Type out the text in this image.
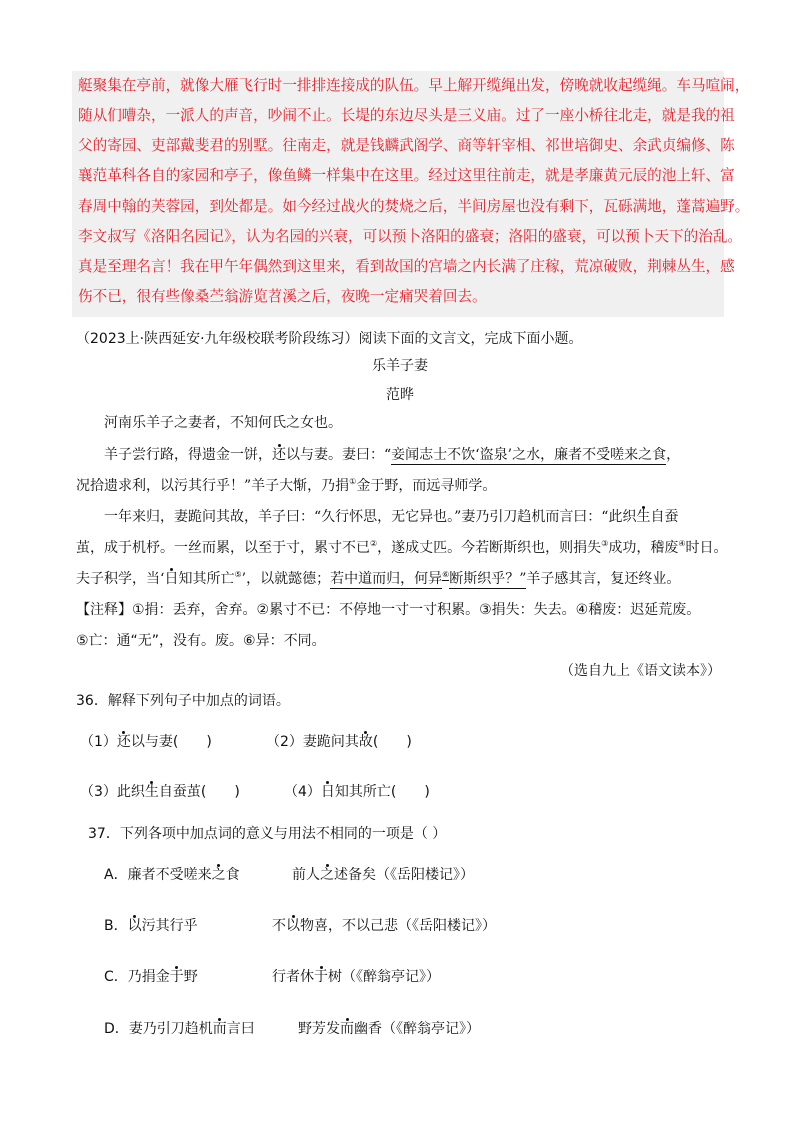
艇聚集在亭前，就像大雁飞行时一排排连接成的队伍。早上解开缆绳出发，傍晚就收起缆绳。车马喧闹，

随从们嘈杂，一派人的声音，吵闹不止。长堤的东边尽头是三义庙。过了一座小桥往北走，就是我的祖

父的寄园、吏部戴斐君的别墅。往南走，就是钱麟武阁学、商等轩宰相、祁世培御史、余武贞编修、陈

襄范革科各自的家园和亭子，像鱼鳞一样集中在这里。经过这里往前走，就是孝廉黄元辰的池上轩、富

春周中翰的芙蓉园，到处都是。如今经过战火的焚烧之后，半间房屋也没有剩下，瓦砾满地，蓬蒿遍野。

李文叔写《洛阳名园记》，认为名园的兴衰，可以预卜洛阳的盛衰；洛阳的盛衰，可以预卜天下的治乱。

真是至理名言！我在甲午年偶然到这里来，看到故国的宫墙之内长满了庄稼，荒凉破败，荆棘丛生，感

伤不已，很有些像桑苎翁游览苕溪之后，夜晚一定痛哭着回去。

（2023上·陕西延安·九年级校联考阶段练习）阅读下面的文言文，完成下面小题。

乐羊子妻

范晔

河南乐羊子之妻者，不知何氏之女也。

羊子尝行路，得遗金一饼，还以与妻。妻曰：“妾闻志士不饮‘盗泉’之水，廉者不受嗟来之食，

况拾遗求利，以污其行乎！”羊子大惭，乃捐①金于野，而远寻师学。

一年来归，妻跪问其故，羊子曰：“久行怀思，无它异也。”妻乃引刀趋机而言曰：“此织生自蚕

茧，成于机杼。一丝而累，以至于寸，累寸不已②，遂成丈匹。今若断斯织也，则捐失③成功，稽废④时日。

夫子积学，当‘日知其所亡⑤’，以就懿德；若中道而归，何异⑥断斯织乎？”羊子感其言，复还终业。

【注释】①捐：丢弃，舍弃。②累寸不已：不停地一寸一寸积累。③捐失：失去。④稽废：迟延荒废。

⑤亡：通“无”，没有。废。⑥异：不同。

（选自九上《语文读本》）

36．解释下列句子中加点的词语。

（1）还以与妻(　　)	（2）妻跪问其故(　　)

（3）此织生自蚕茧(　　)	（4）日知其所亡(　　)

37．下列各项中加点词的意义与用法不相同的一项是（ ）

A．廉者不受嗟来之食	前人之述备矣（《岳阳楼记》）

B．以污其行乎	不以物喜，不以己悲（《岳阳楼记》）

C．乃捐金于野	行者休于树（《醉翁亭记》）

D．妻乃引刀趋机而言曰	野芳发而幽香（《醉翁亭记》）
